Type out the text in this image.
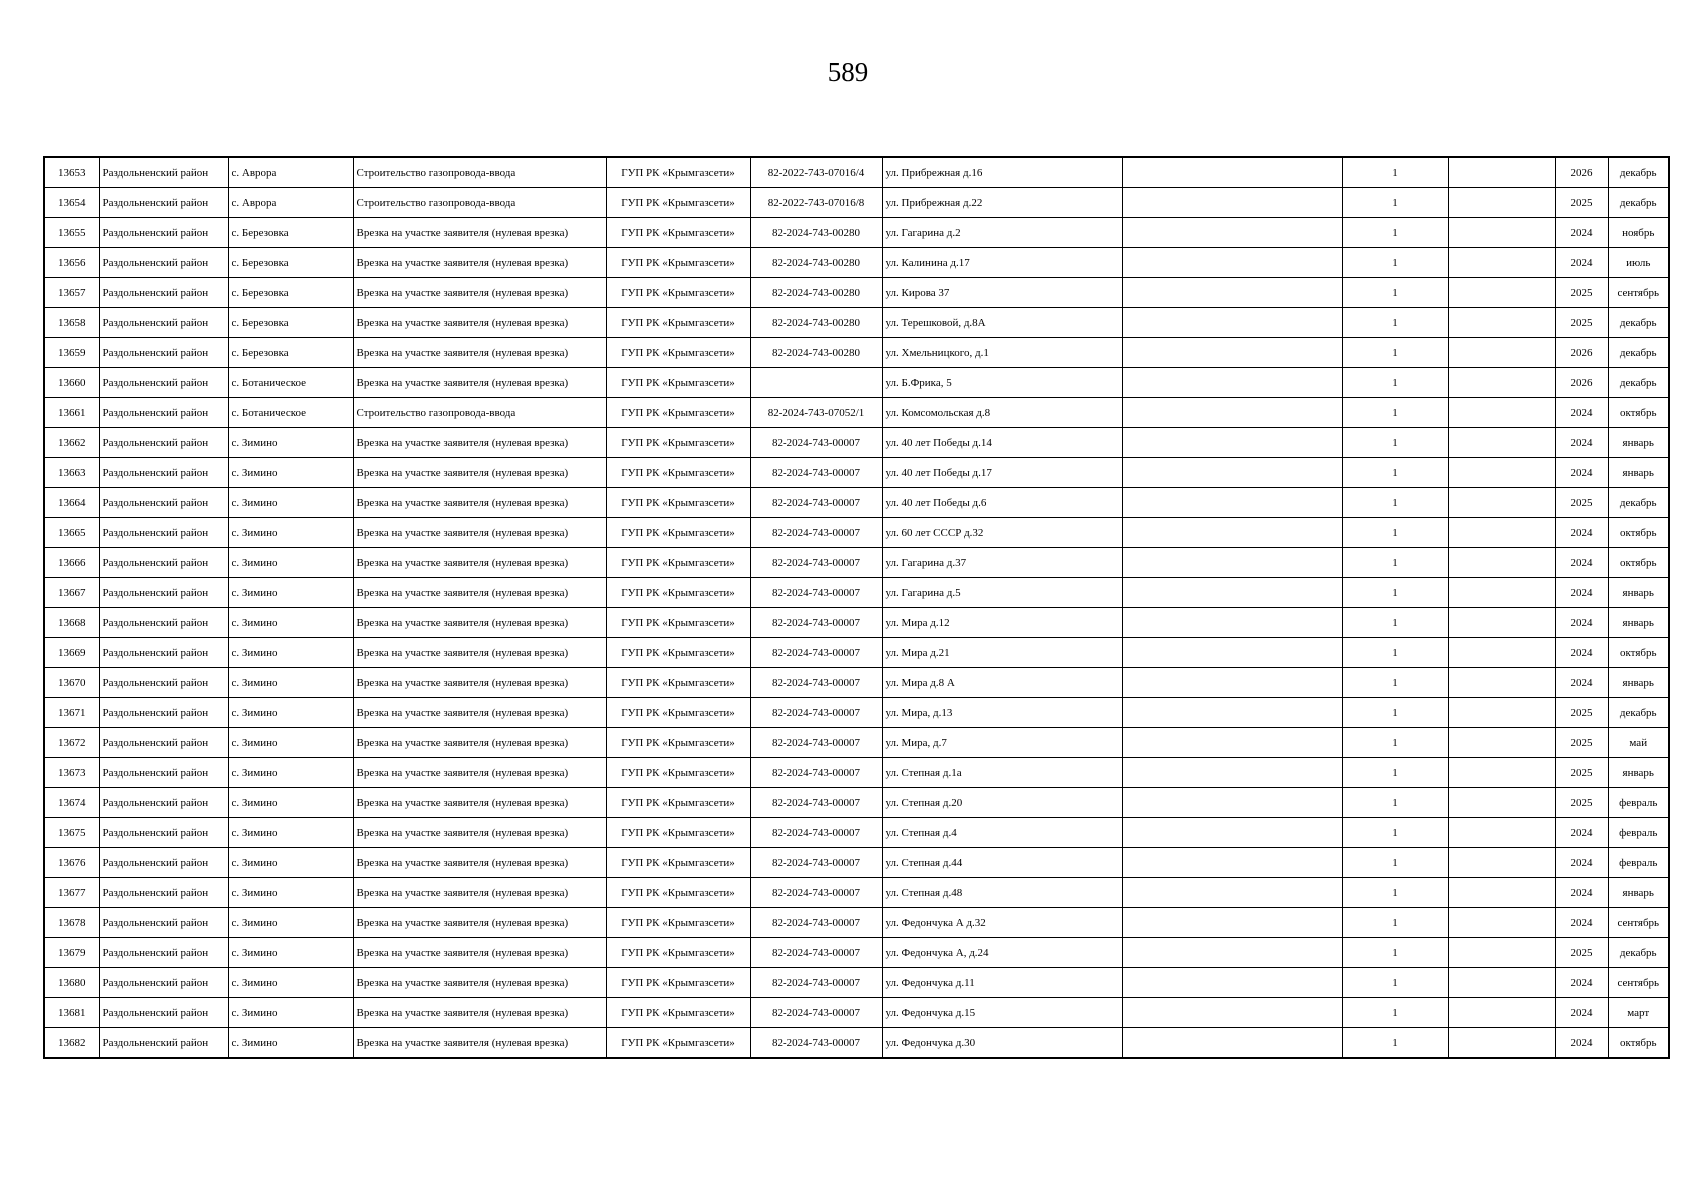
589
13653	Раздольненский район	с. Аврора	Строительство газопровода-ввода	ГУП РК «Крымгазсети»	82-2022-743-07016/4	ул. Прибрежная д.16		1		2026	декабрь
13654	Раздольненский район	с. Аврора	Строительство газопровода-ввода	ГУП РК «Крымгазсети»	82-2022-743-07016/8	ул. Прибрежная д.22		1		2025	декабрь
13655	Раздольненский район	с. Березовка	Врезка на участке заявителя (нулевая врезка)	ГУП РК «Крымгазсети»	82-2024-743-00280	ул. Гагарина д.2		1		2024	ноябрь
13656	Раздольненский район	с. Березовка	Врезка на участке заявителя (нулевая врезка)	ГУП РК «Крымгазсети»	82-2024-743-00280	ул. Калинина д.17		1		2024	июль
13657	Раздольненский район	с. Березовка	Врезка на участке заявителя (нулевая врезка)	ГУП РК «Крымгазсети»	82-2024-743-00280	ул. Кирова 37		1		2025	сентябрь
13658	Раздольненский район	с. Березовка	Врезка на участке заявителя (нулевая врезка)	ГУП РК «Крымгазсети»	82-2024-743-00280	ул. Терешковой, д.8А		1		2025	декабрь
13659	Раздольненский район	с. Березовка	Врезка на участке заявителя (нулевая врезка)	ГУП РК «Крымгазсети»	82-2024-743-00280	ул. Хмельницкого, д.1		1		2026	декабрь
13660	Раздольненский район	с. Ботаническое	Врезка на участке заявителя (нулевая врезка)	ГУП РК «Крымгазсети»		ул. Б.Фрика, 5		1		2026	декабрь
13661	Раздольненский район	с. Ботаническое	Строительство газопровода-ввода	ГУП РК «Крымгазсети»	82-2024-743-07052/1	ул. Комсомольская д.8		1		2024	октябрь
13662	Раздольненский район	с. Зимино	Врезка на участке заявителя (нулевая врезка)	ГУП РК «Крымгазсети»	82-2024-743-00007	ул. 40 лет Победы д.14		1		2024	январь
13663	Раздольненский район	с. Зимино	Врезка на участке заявителя (нулевая врезка)	ГУП РК «Крымгазсети»	82-2024-743-00007	ул. 40 лет Победы д.17		1		2024	январь
13664	Раздольненский район	с. Зимино	Врезка на участке заявителя (нулевая врезка)	ГУП РК «Крымгазсети»	82-2024-743-00007	ул. 40 лет Победы д.6		1		2025	декабрь
13665	Раздольненский район	с. Зимино	Врезка на участке заявителя (нулевая врезка)	ГУП РК «Крымгазсети»	82-2024-743-00007	ул. 60 лет СССР д.32		1		2024	октябрь
13666	Раздольненский район	с. Зимино	Врезка на участке заявителя (нулевая врезка)	ГУП РК «Крымгазсети»	82-2024-743-00007	ул. Гагарина д.37		1		2024	октябрь
13667	Раздольненский район	с. Зимино	Врезка на участке заявителя (нулевая врезка)	ГУП РК «Крымгазсети»	82-2024-743-00007	ул. Гагарина д.5		1		2024	январь
13668	Раздольненский район	с. Зимино	Врезка на участке заявителя (нулевая врезка)	ГУП РК «Крымгазсети»	82-2024-743-00007	ул. Мира д.12		1		2024	январь
13669	Раздольненский район	с. Зимино	Врезка на участке заявителя (нулевая врезка)	ГУП РК «Крымгазсети»	82-2024-743-00007	ул. Мира д.21		1		2024	октябрь
13670	Раздольненский район	с. Зимино	Врезка на участке заявителя (нулевая врезка)	ГУП РК «Крымгазсети»	82-2024-743-00007	ул. Мира д.8 А		1		2024	январь
13671	Раздольненский район	с. Зимино	Врезка на участке заявителя (нулевая врезка)	ГУП РК «Крымгазсети»	82-2024-743-00007	ул. Мира, д.13		1		2025	декабрь
13672	Раздольненский район	с. Зимино	Врезка на участке заявителя (нулевая врезка)	ГУП РК «Крымгазсети»	82-2024-743-00007	ул. Мира, д.7		1		2025	май
13673	Раздольненский район	с. Зимино	Врезка на участке заявителя (нулевая врезка)	ГУП РК «Крымгазсети»	82-2024-743-00007	ул. Степная д.1а		1		2025	январь
13674	Раздольненский район	с. Зимино	Врезка на участке заявителя (нулевая врезка)	ГУП РК «Крымгазсети»	82-2024-743-00007	ул. Степная д.20		1		2025	февраль
13675	Раздольненский район	с. Зимино	Врезка на участке заявителя (нулевая врезка)	ГУП РК «Крымгазсети»	82-2024-743-00007	ул. Степная д.4		1		2024	февраль
13676	Раздольненский район	с. Зимино	Врезка на участке заявителя (нулевая врезка)	ГУП РК «Крымгазсети»	82-2024-743-00007	ул. Степная д.44		1		2024	февраль
13677	Раздольненский район	с. Зимино	Врезка на участке заявителя (нулевая врезка)	ГУП РК «Крымгазсети»	82-2024-743-00007	ул. Степная д.48		1		2024	январь
13678	Раздольненский район	с. Зимино	Врезка на участке заявителя (нулевая врезка)	ГУП РК «Крымгазсети»	82-2024-743-00007	ул. Федончука А д.32		1		2024	сентябрь
13679	Раздольненский район	с. Зимино	Врезка на участке заявителя (нулевая врезка)	ГУП РК «Крымгазсети»	82-2024-743-00007	ул. Федончука А, д.24		1		2025	декабрь
13680	Раздольненский район	с. Зимино	Врезка на участке заявителя (нулевая врезка)	ГУП РК «Крымгазсети»	82-2024-743-00007	ул. Федончука д.11		1		2024	сентябрь
13681	Раздольненский район	с. Зимино	Врезка на участке заявителя (нулевая врезка)	ГУП РК «Крымгазсети»	82-2024-743-00007	ул. Федончука д.15		1		2024	март
13682	Раздольненский район	с. Зимино	Врезка на участке заявителя (нулевая врезка)	ГУП РК «Крымгазсети»	82-2024-743-00007	ул. Федончука д.30		1		2024	октябрь
